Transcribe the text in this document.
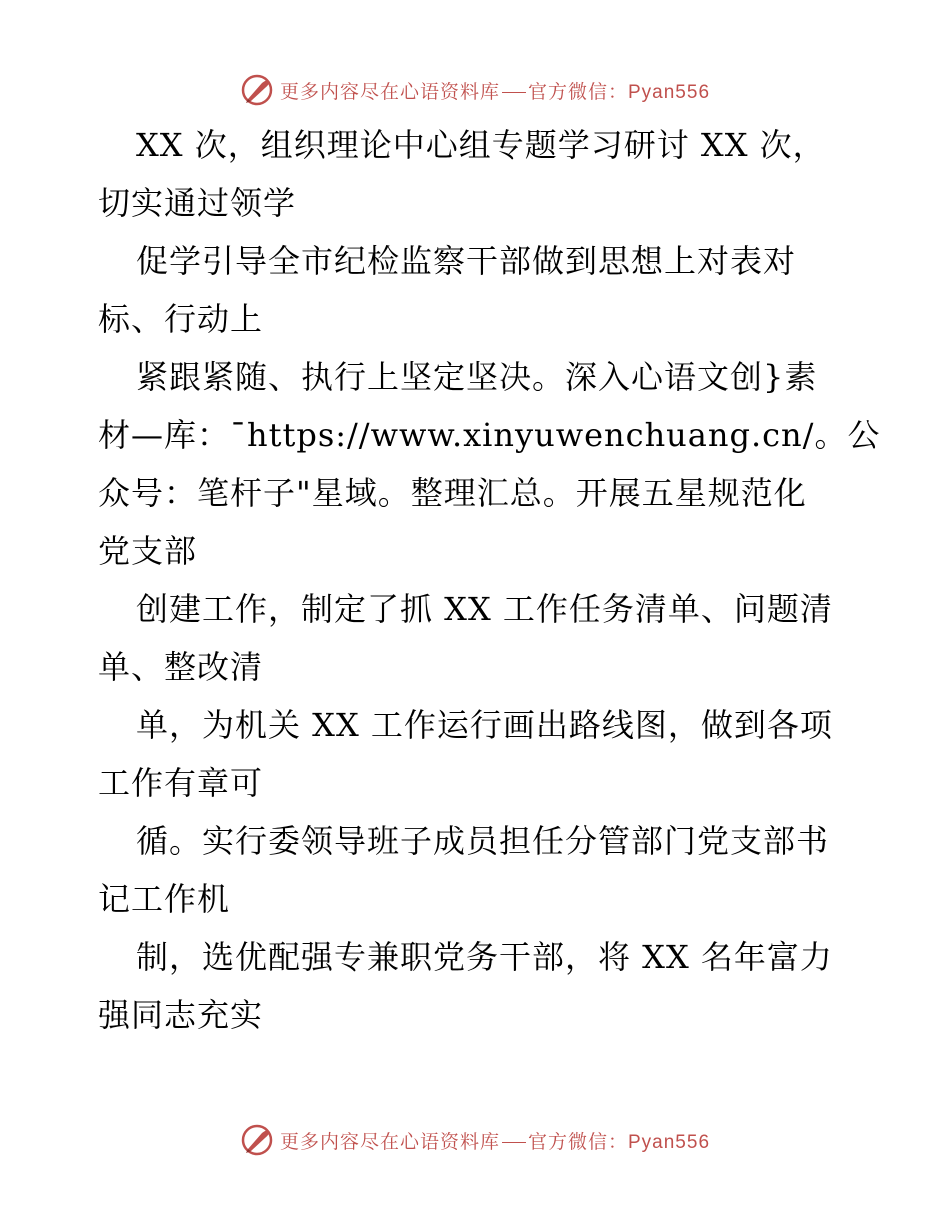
更多内容尽在心语资料库 官方微信：Pyan556
XX 次，组织理论中心组专题学习研讨 XX 次，
切实通过领学
促学引导全市纪检监察干部做到思想上对表对
标、行动上
紧跟紧随、执行上坚定坚决。深入心语文创}素
材—库：¯https://www.xinyuwenchuang.cn/。公
众号：笔杆子"星域。整理汇总。开展五星规范化
党支部
创建工作，制定了抓 XX 工作任务清单、问题清
单、整改清
单，为机关 XX 工作运行画出路线图，做到各项
工作有章可
循。实行委领导班子成员担任分管部门党支部书
记工作机
制，选优配强专兼职党务干部，将 XX 名年富力
强同志充实
更多内容尽在心语资料库 官方微信：Pyan556
